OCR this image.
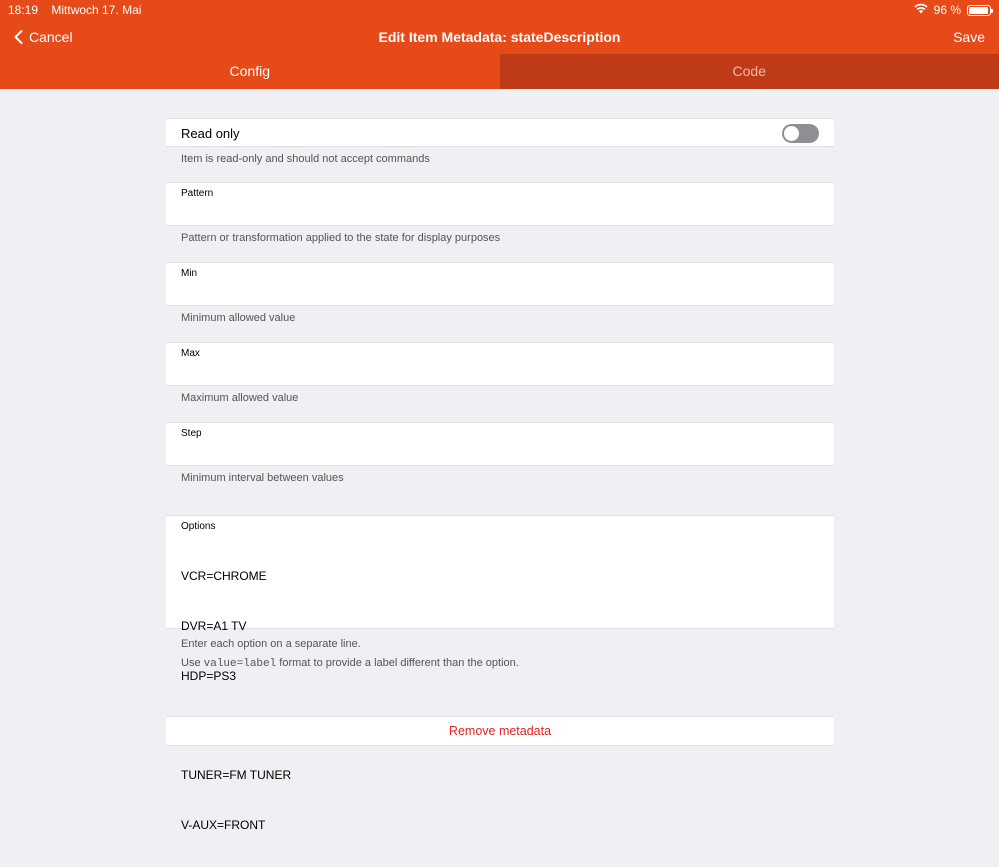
18:19 Mittwoch 17. Mai	96 %
Cancel	Edit Item Metadata: stateDescription	Save
Config	Code
Read only
Item is read-only and should not accept commands
Pattern
Pattern or transformation applied to the state for display purposes
Min
Minimum allowed value
Max
Maximum allowed value
Step
Minimum interval between values
Options

VCR=CHROME

DVR=A1 TV

HDP=PS3

TUNER=FM TUNER

V-AUX=FRONT

Enter each option on a separate line.
Use value=label format to provide a label different than the option.
Remove metadata
